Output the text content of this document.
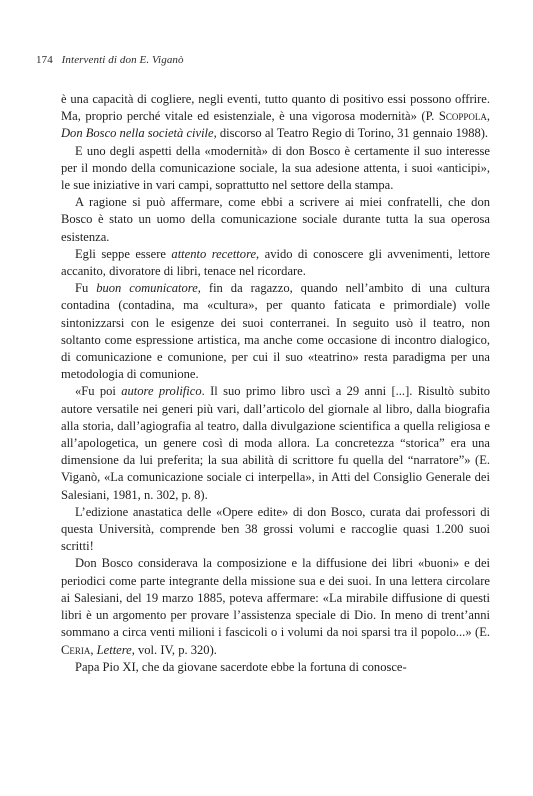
174 Interventi di don E. Viganò

è una capacità di cogliere, negli eventi, tutto quanto di positivo essi possono offrire. Ma, proprio perché vitale ed esistenziale, è una vigorosa modernità» (P. Scoppola, Don Bosco nella società civile, discorso al Teatro Regio di Torino, 31 gennaio 1988).

E uno degli aspetti della «modernità» di don Bosco è certamente il suo interesse per il mondo della comunicazione sociale, la sua adesione attenta, i suoi «anticipi», le sue iniziative in vari campi, soprattutto nel settore della stampa.

A ragione si può affermare, come ebbi a scrivere ai miei confratelli, che don Bosco è stato un uomo della comunicazione sociale durante tutta la sua operosa esistenza.

Egli seppe essere attento recettore, avido di conoscere gli avvenimenti, lettore accanito, divoratore di libri, tenace nel ricordare.

Fu buon comunicatore, fin da ragazzo, quando nell’ambito di una cultura contadina (contadina, ma «cultura», per quanto faticata e primordiale) volle sintonizzarsi con le esigenze dei suoi conterranei. In seguito usò il teatro, non soltanto come espressione artistica, ma anche come occasione di incontro dialogico, di comunicazione e comunione, per cui il suo «teatrino» resta paradigma per una metodologia di comunione.

«Fu poi autore prolifico. Il suo primo libro uscì a 29 anni [...]. Risultò subito autore versatile nei generi più vari, dall’articolo del giornale al libro, dalla biografia alla storia, dall’agiografia al teatro, dalla divulgazione scientifica a quella religiosa e all’apologetica, un genere così di moda allora. La concretezza “storica” era una dimensione da lui preferita; la sua abilità di scrittore fu quella del “narratore”» (E. Viganò, «La comunicazione sociale ci interpella», in Atti del Consiglio Generale dei Salesiani, 1981, n. 302, p. 8).

L’edizione anastatica delle «Opere edite» di don Bosco, curata dai professori di questa Università, comprende ben 38 grossi volumi e raccoglie quasi 1.200 suoi scritti!

Don Bosco considerava la composizione e la diffusione dei libri «buoni» e dei periodici come parte integrante della missione sua e dei suoi. In una lettera circolare ai Salesiani, del 19 marzo 1885, poteva affermare: «La mirabile diffusione di questi libri è un argomento per provare l’assistenza speciale di Dio. In meno di trent’anni sommano a circa venti milioni i fascicoli o i volumi da noi sparsi tra il popolo...» (E. Ceria, Lettere, vol. IV, p. 320).

Papa Pio XI, che da giovane sacerdote ebbe la fortuna di conosce-
